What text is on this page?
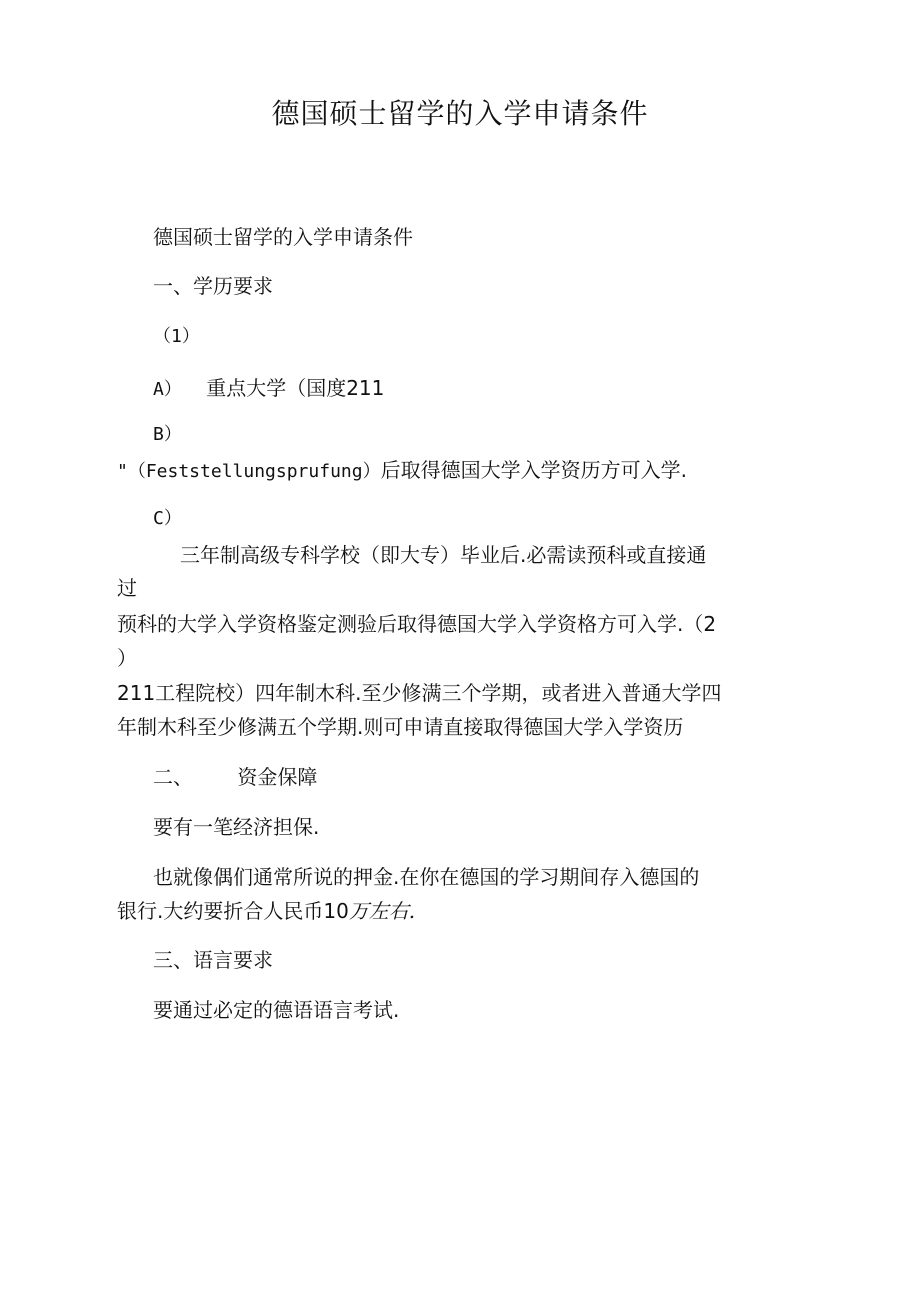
德国硕士留学的入学申请条件
德国硕士留学的入学申请条件
一、学历要求
（1）
A） 重点大学（国度211
B）
"（Feststellungsprufung）后取得德国大学入学资历方可入学.
C）
三年制高级专科学校（即大专）毕业后.必需读预科或直接通
过
预科的大学入学资格鉴定测验后取得德国大学入学资格方可入学.（2
）
211工程院校）四年制木科.至少修满三个学期，或者进入普通大学四
年制木科至少修满五个学期.则可申请直接取得德国大学入学资历
二、 资金保障
要有一笔经济担保.
也就像偶们通常所说的押金.在你在德国的学习期间存入德国的
银行.大约要折合人民币10万左右.
三、语言要求
要通过必定的德语语言考试.
